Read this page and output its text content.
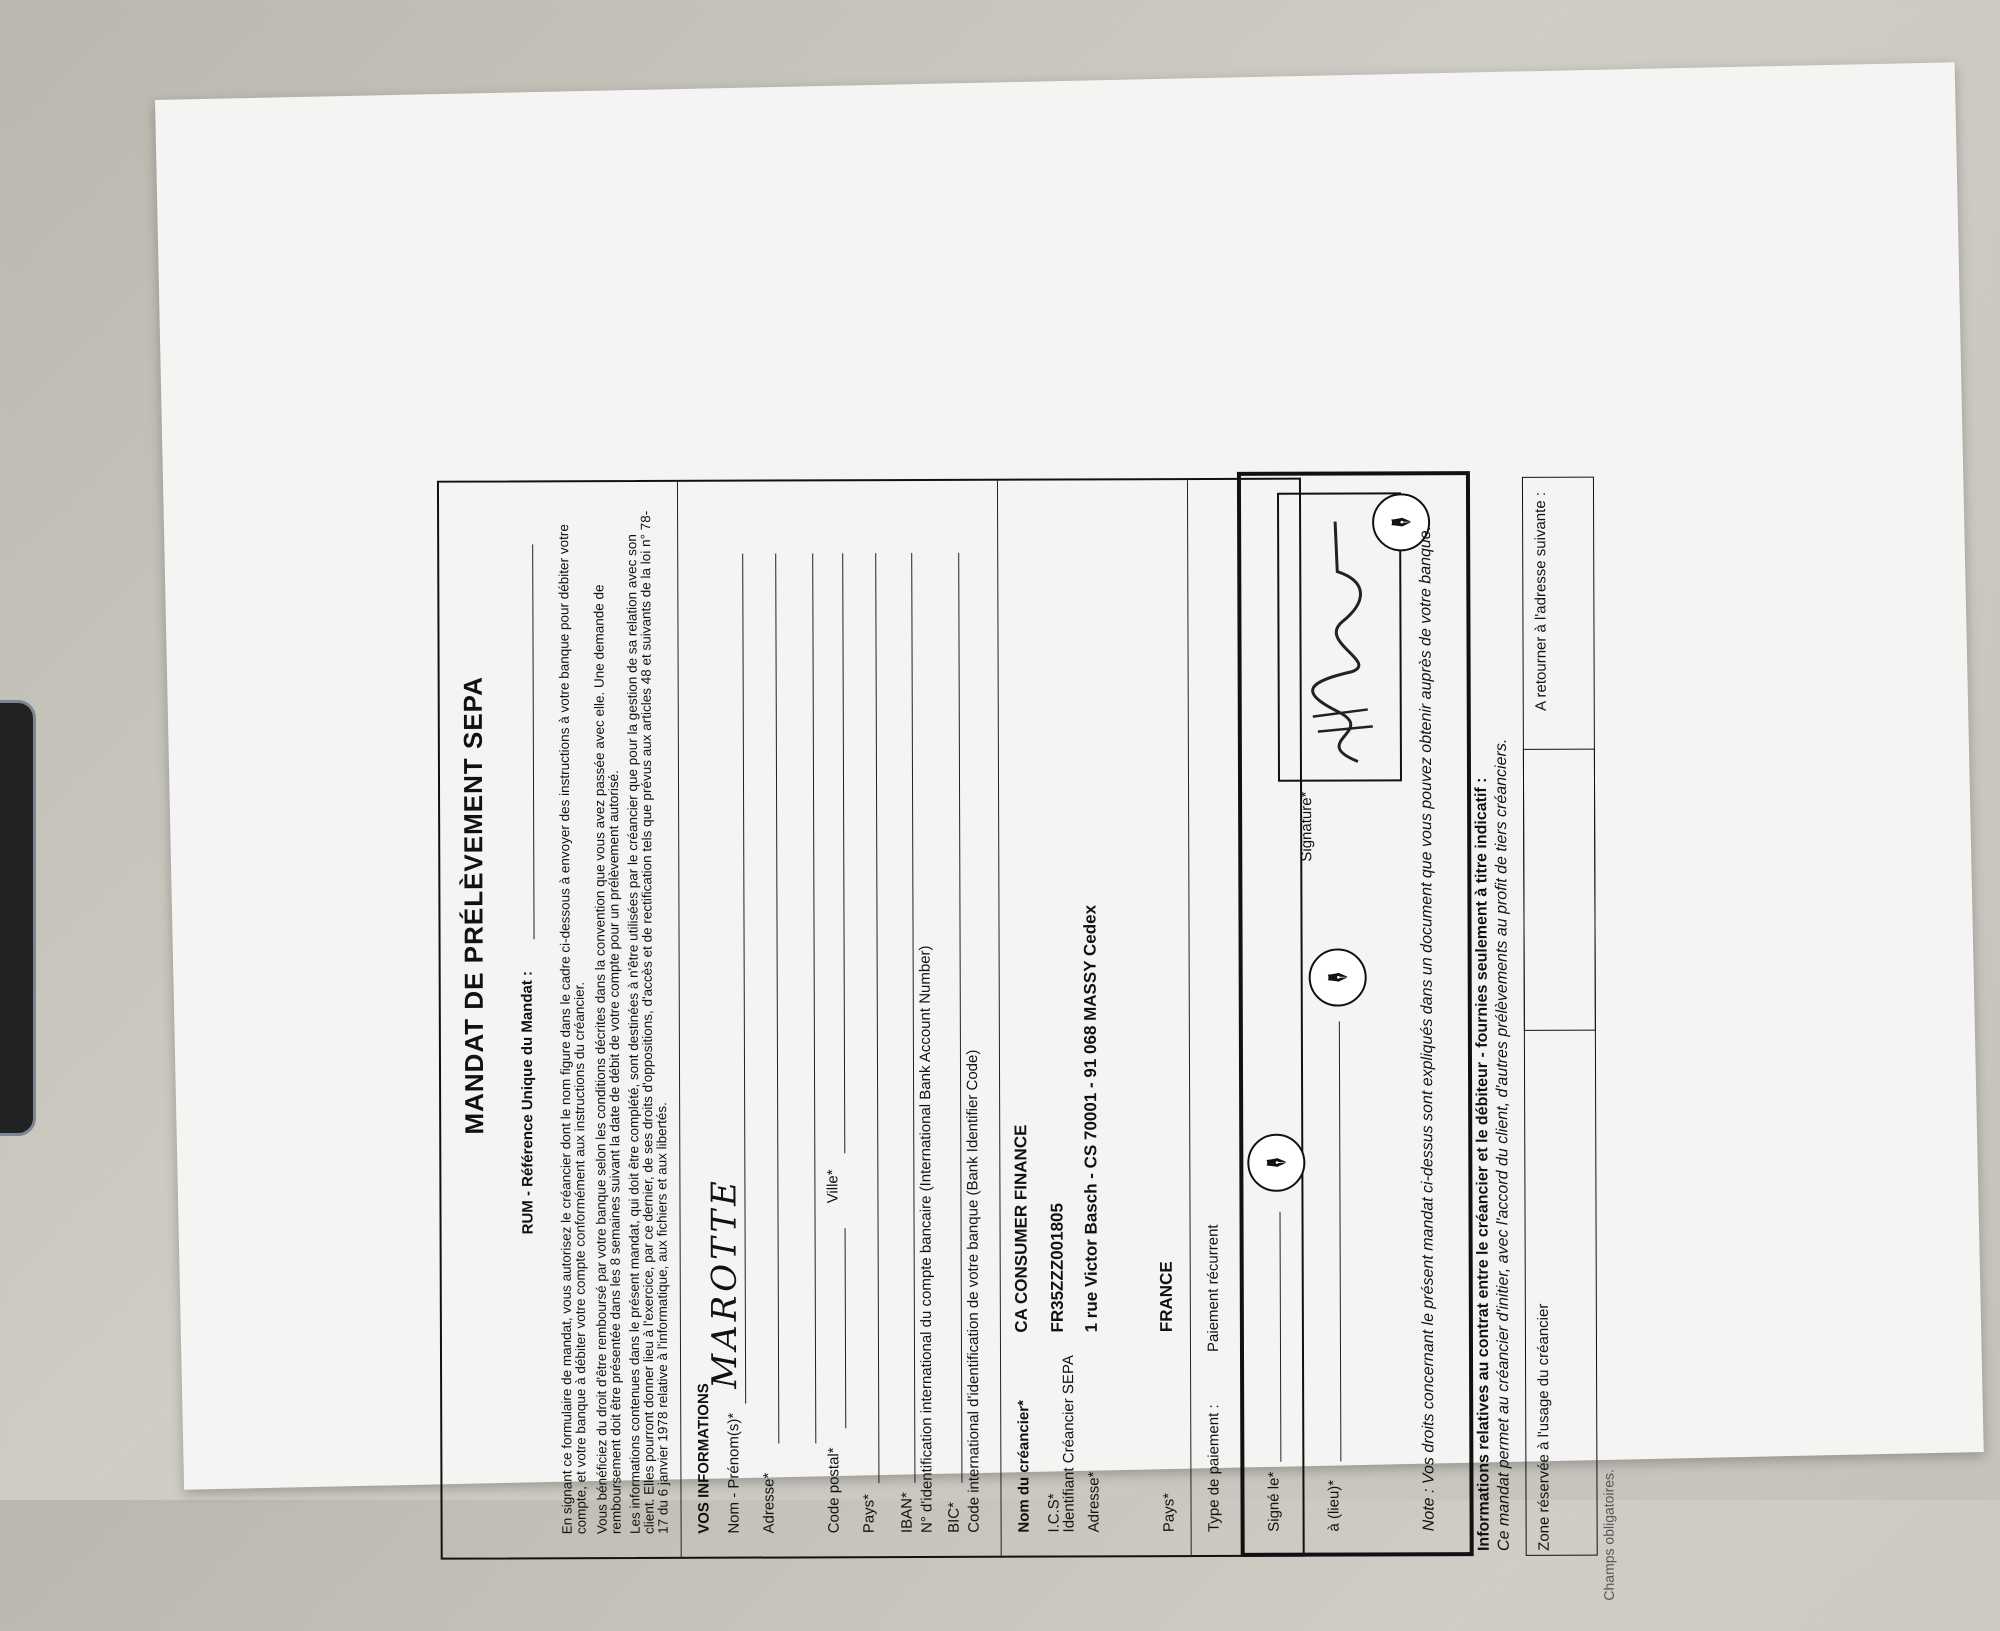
MANDAT DE PRÉLÈVEMENT SEPA RUM - Référence Unique du Mandat : En signant ce formulaire de mandat, vous autorisez le créancier dont le nom figure dans le cadre ci-dessous à envoyer des instructions à votre banque pour débiter votre compte, et votre banque à débiter votre compte conformément aux instructions du créancier. Vous bénéficiez du droit d'être remboursé par votre banque selon les conditions décrites dans la convention que vous avez passée avec elle. Une demande de remboursement doit être présentée dans les 8 semaines suivant la date de débit de votre compte pour un prélèvement autorisé. Les informations contenues dans le présent mandat, qui doit être complété, sont destinées à n'être utilisées par le créancier que pour la gestion de sa relation avec son client. Elles pourront donner lieu à l'exercice, par ce dernier, de ses droits d'oppositions, d'accès et de rectification tels que prévus aux articles 48 et suivants de la loi n° 78-17 du 6 janvier 1978 relative à l'informatique, aux fichiers et aux libertés. VOS INFORMATIONS Nom - Prénom(s)*
MAROTTE
Adresse*	Code postal*
Ville*
Pays* IBAN* N° d'identification international du compte bancaire (International Bank Account Number) BIC* Code international d'identification de votre banque (Bank Identifier Code) Nom du créancier*
CA CONSUMER FINANCE
I.C.S*
Identifiant Créancier SEPA
FR35ZZZ001805
Adresse*
1 rue Victor Basch - CS 70001 - 91 068 MASSY Cedex
Pays*
FRANCE
Type de paiement :
Paiement récurrent
Signé le*
✒
à (lieu)*
✒
Signature*
✒
Note : Vos droits concernant le présent mandat ci-dessus sont expliqués dans un document que vous pouvez obtenir auprès de votre banque. Informations relatives au contrat entre le créancier et le débiteur - fournies seulement à titre indicatif : Ce mandat permet au créancier d'initier, avec l'accord du client, d'autres prélèvements au profit de tiers créanciers. Zone réservée à l'usage du créancier
A retourner à l'adresse suivante :
Champs obligatoires.
